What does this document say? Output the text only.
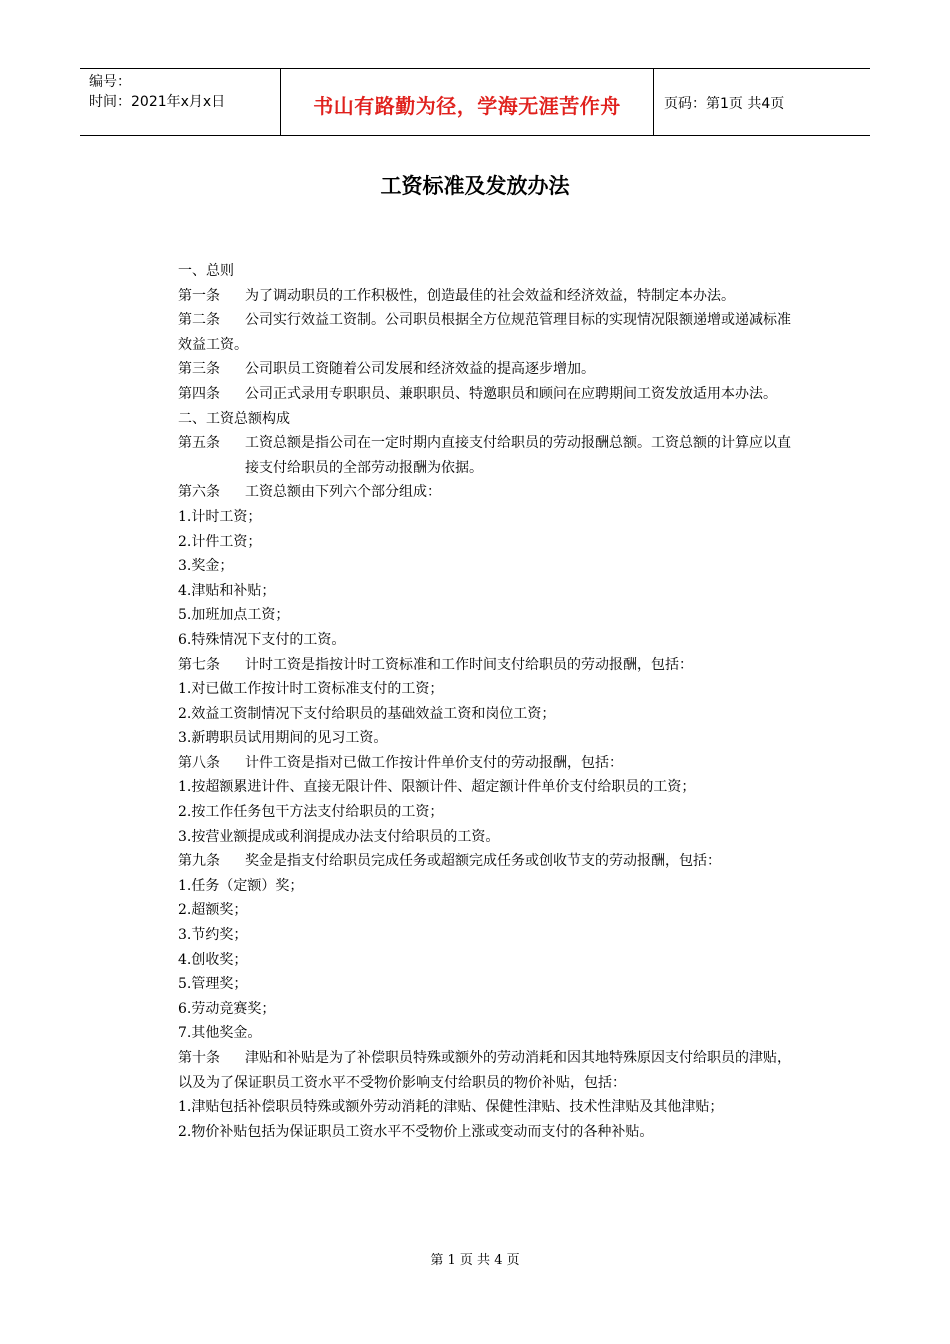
编号：
时间：2021年x月x日	书山有路勤为径，学海无涯苦作舟	页码：第1页 共4页
工资标准及发放办法

一、总则

第一条 为了调动职员的工作积极性，创造最佳的社会效益和经济效益，特制定本办法。

第二条 公司实行效益工资制。公司职员根据全方位规范管理目标的实现情况限额递增或递减标准效益工资。

第三条 公司职员工资随着公司发展和经济效益的提高逐步增加。

第四条 公司正式录用专职职员、兼职职员、特邀职员和顾问在应聘期间工资发放适用本办法。

二、工资总额构成

第五条	工资总额是指公司在一定时期内直接支付给职员的劳动报酬总额。工资总额的计算应以直接支付给职员的全部劳动报酬为依据。

第六条 工资总额由下列六个部分组成：

1.计时工资；

2.计件工资；

3.奖金；

4.津贴和补贴；

5.加班加点工资；

6.特殊情况下支付的工资。

第七条 计时工资是指按计时工资标准和工作时间支付给职员的劳动报酬，包括：

1.对已做工作按计时工资标准支付的工资；

2.效益工资制情况下支付给职员的基础效益工资和岗位工资；

3.新聘职员试用期间的见习工资。

第八条 计件工资是指对已做工作按计件单价支付的劳动报酬，包括：

1.按超额累进计件、直接无限计件、限额计件、超定额计件单价支付给职员的工资；

2.按工作任务包干方法支付给职员的工资；

3.按营业额提成或利润提成办法支付给职员的工资。

第九条 奖金是指支付给职员完成任务或超额完成任务或创收节支的劳动报酬，包括：

1.任务（定额）奖；

2.超额奖；

3.节约奖；

4.创收奖；

5.管理奖；

6.劳动竞赛奖；

7.其他奖金。

第十条 津贴和补贴是为了补偿职员特殊或额外的劳动消耗和因其地特殊原因支付给职员的津贴，以及为了保证职员工资水平不受物价影响支付给职员的物价补贴，包括：

1.津贴包括补偿职员特殊或额外劳动消耗的津贴、保健性津贴、技术性津贴及其他津贴；

2.物价补贴包括为保证职员工资水平不受物价上涨或变动而支付的各种补贴。

第 1 页 共 4 页
